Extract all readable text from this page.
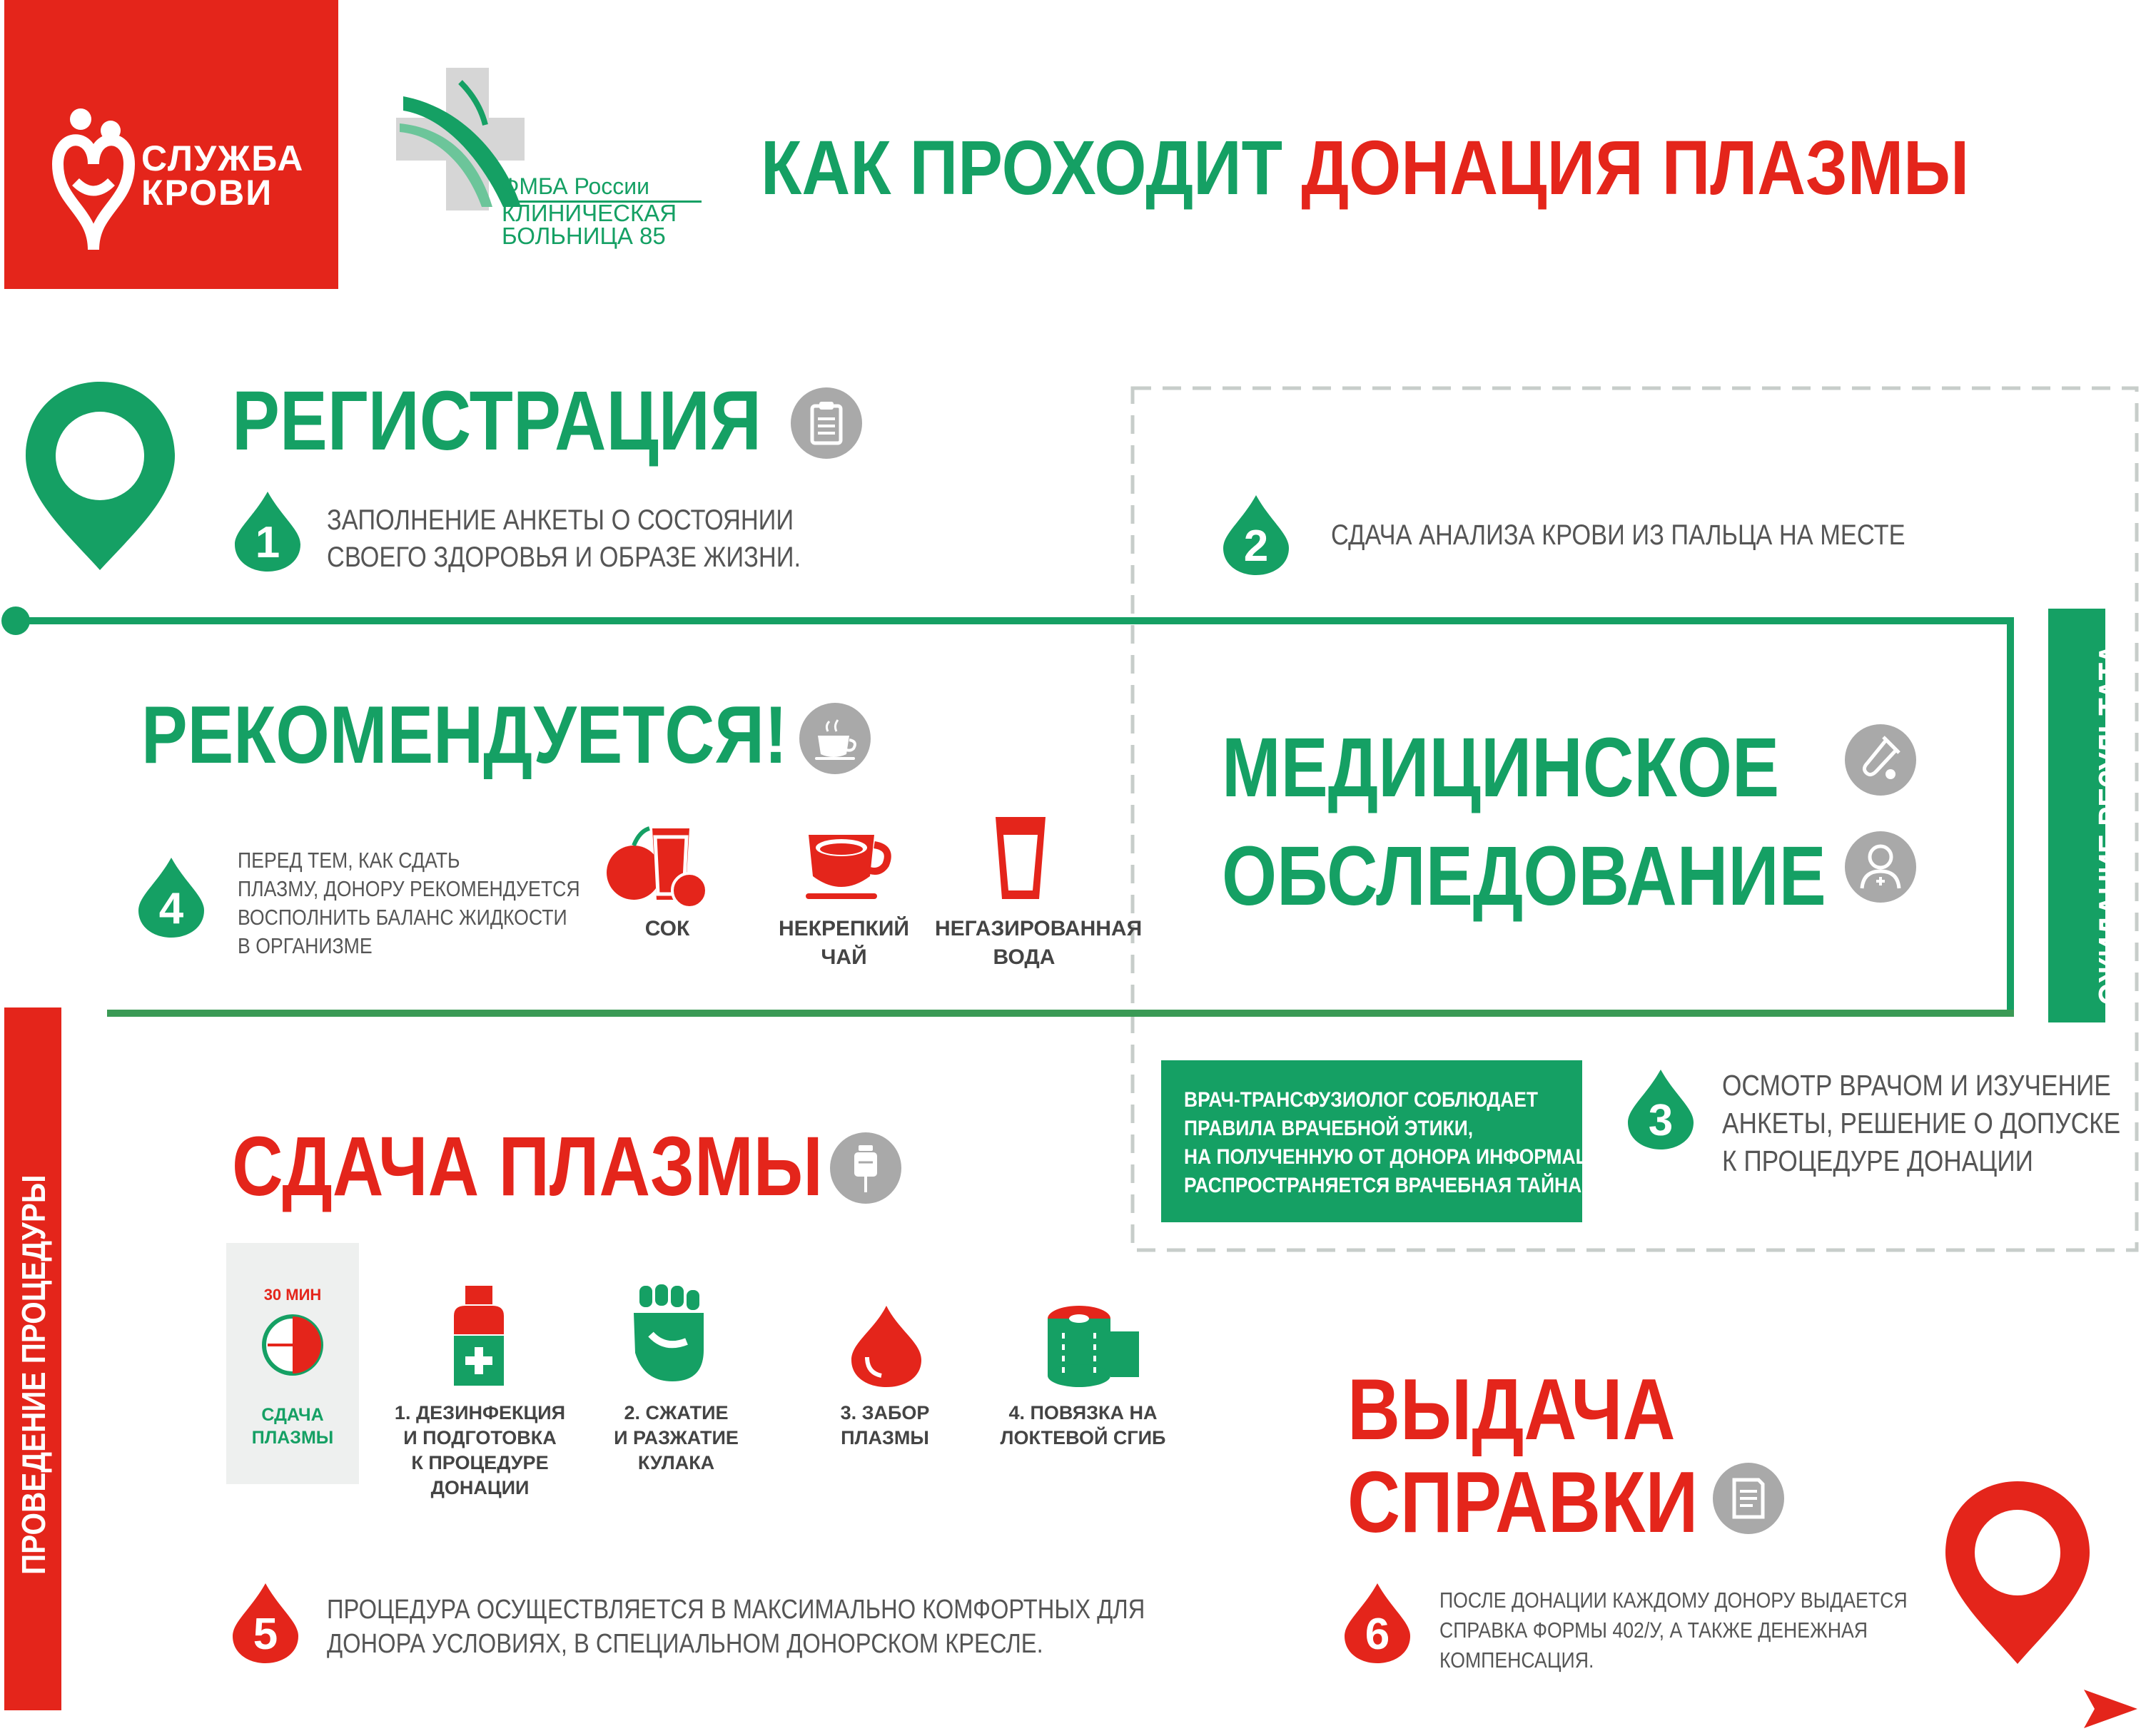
СЛУЖБА
КРОВИ	ФМБА России
КЛИНИЧЕСКАЯ
БОЛЬНИЦА 85
КАК ПРОХОДИТ ДОНАЦИЯ ПЛАЗМЫ
РЕГИСТРАЦИЯ
1	ЗАПОЛНЕНИЕ АНКЕТЫ О СОСТОЯНИИ
СВОЕГО ЗДОРОВЬЯ И ОБРАЗЕ ЖИЗНИ.	2	СДАЧА АНАЛИЗА КРОВИ ИЗ ПАЛЬЦА НА МЕСТЕ
РЕКОМЕНДУЕТСЯ!
4
ПЕРЕД ТЕМ, КАК СДАТЬ
ПЛАЗМУ, ДОНОРУ РЕКОМЕНДУЕТСЯ
ВОСПОЛНИТЬ БАЛАНС ЖИДКОСТИ
В ОРГАНИЗМЕ
СОК	НЕКРЕПКИЙ
ЧАЙ
НЕГАЗИРОВАННАЯ
ВОДА
МЕДИЦИНСКОЕ
ОБСЛЕДОВАНИЕ	ОЖИДАНИЕ РЕЗУЛЬТАТА
ВРАЧ-ТРАНСФУЗИОЛОГ СОБЛЮДАЕТ
ПРАВИЛА ВРАЧЕБНОЙ ЭТИКИ,
НА ПОЛУЧЕННУЮ ОТ ДОНОРА ИНФОРМАЦИЮ
РАСПРОСТРАНЯЕТСЯ ВРАЧЕБНАЯ ТАЙНА.
3
ОСМОТР ВРАЧОМ И ИЗУЧЕНИЕ
АНКЕТЫ, РЕШЕНИЕ О ДОПУСКЕ
К ПРОЦЕДУРЕ ДОНАЦИИ
ПРОВЕДЕНИЕ ПРОЦЕДУРЫ
СДАЧА ПЛАЗМЫ
30 МИН
СДАЧА
ПЛАЗМЫ
1. ДЕЗИНФЕКЦИЯ
И ПОДГОТОВКА
К ПРОЦЕДУРЕ ДОНАЦИИ
2. СЖАТИЕ
И РАЗЖАТИЕ КУЛАКА
3. ЗАБОР
ПЛАЗМЫ
4. ПОВЯЗКА НА
ЛОКТЕВОЙ СГИБ
5	ПРОЦЕДУРА ОСУЩЕСТВЛЯЕТСЯ В МАКСИМАЛЬНО КОМФОРТНЫХ ДЛЯ
ДОНОРА УСЛОВИЯХ, В СПЕЦИАЛЬНОМ ДОНОРСКОМ КРЕСЛЕ.
ВЫДАЧА
СПРАВКИ
6
ПОСЛЕ ДОНАЦИИ КАЖДОМУ ДОНОРУ ВЫДАЕТСЯ
СПРАВКА ФОРМЫ 402/У, А ТАКЖЕ ДЕНЕЖНАЯ
КОМПЕНСАЦИЯ.
